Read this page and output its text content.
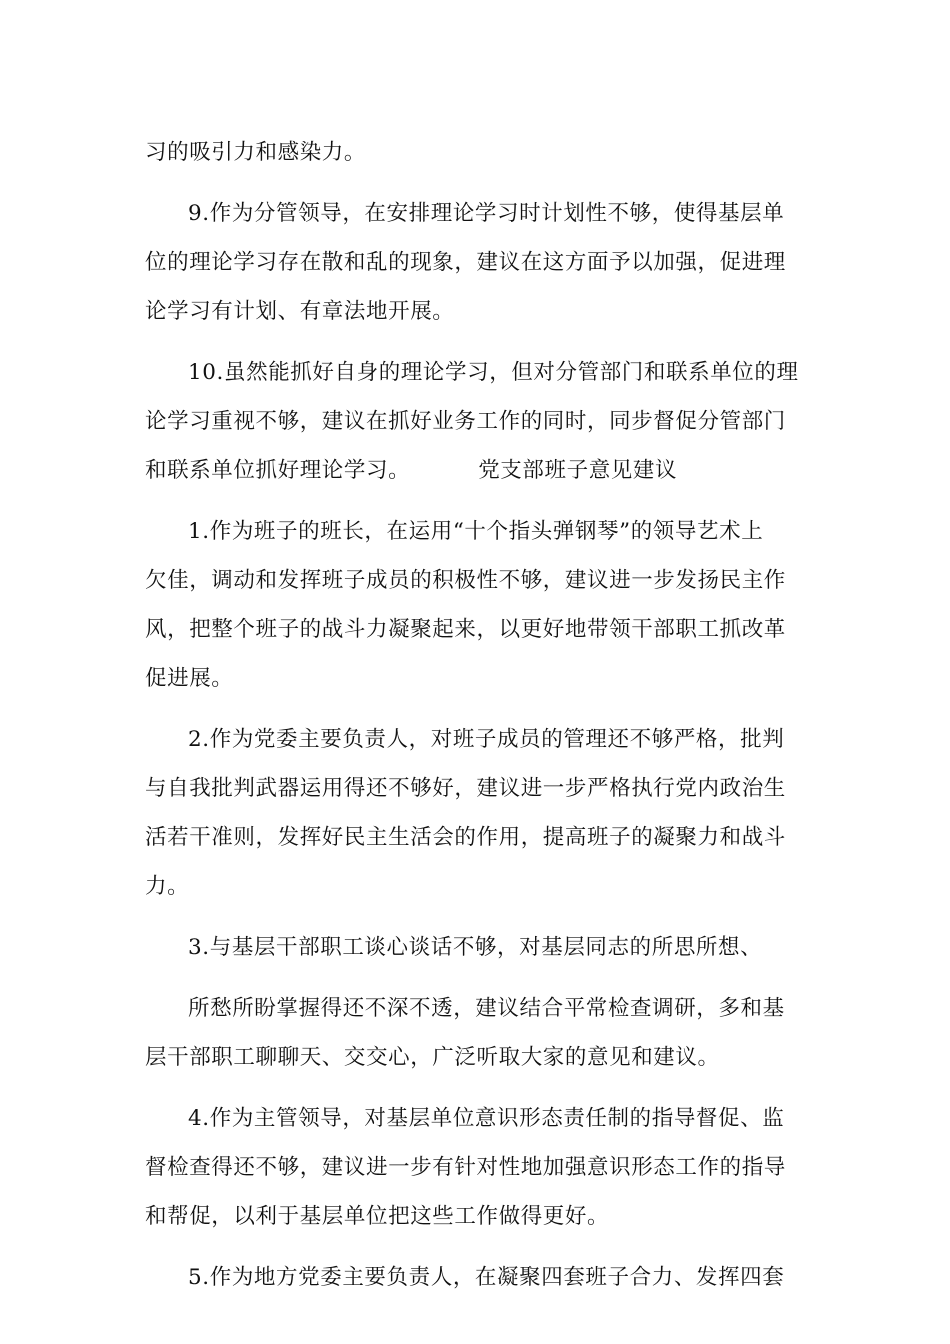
习的吸引力和感染力。
9.作为分管领导，在安排理论学习时计划性不够，使得基层单
位的理论学习存在散和乱的现象，建议在这方面予以加强，促进理
论学习有计划、有章法地开展。
10.虽然能抓好自身的理论学习，但对分管部门和联系单位的理
论学习重视不够，建议在抓好业务工作的同时，同步督促分管部门
和联系单位抓好理论学习。	党支部班子意见建议
1.作为班子的班长，在运用“十个指头弹钢琴”的领导艺术上
欠佳，调动和发挥班子成员的积极性不够，建议进一步发扬民主作
风，把整个班子的战斗力凝聚起来，以更好地带领干部职工抓改革
促进展。
2.作为党委主要负责人，对班子成员的管理还不够严格，批判
与自我批判武器运用得还不够好，建议进一步严格执行党内政治生
活若干准则，发挥好民主生活会的作用，提高班子的凝聚力和战斗
力。
3.与基层干部职工谈心谈话不够，对基层同志的所思所想、
所愁所盼掌握得还不深不透，建议结合平常检查调研，多和基
层干部职工聊聊天、交交心，广泛听取大家的意见和建议。
4.作为主管领导，对基层单位意识形态责任制的指导督促、监
督检查得还不够，建议进一步有针对性地加强意识形态工作的指导
和帮促，以利于基层单位把这些工作做得更好。
5.作为地方党委主要负责人，在凝聚四套班子合力、发挥四套
